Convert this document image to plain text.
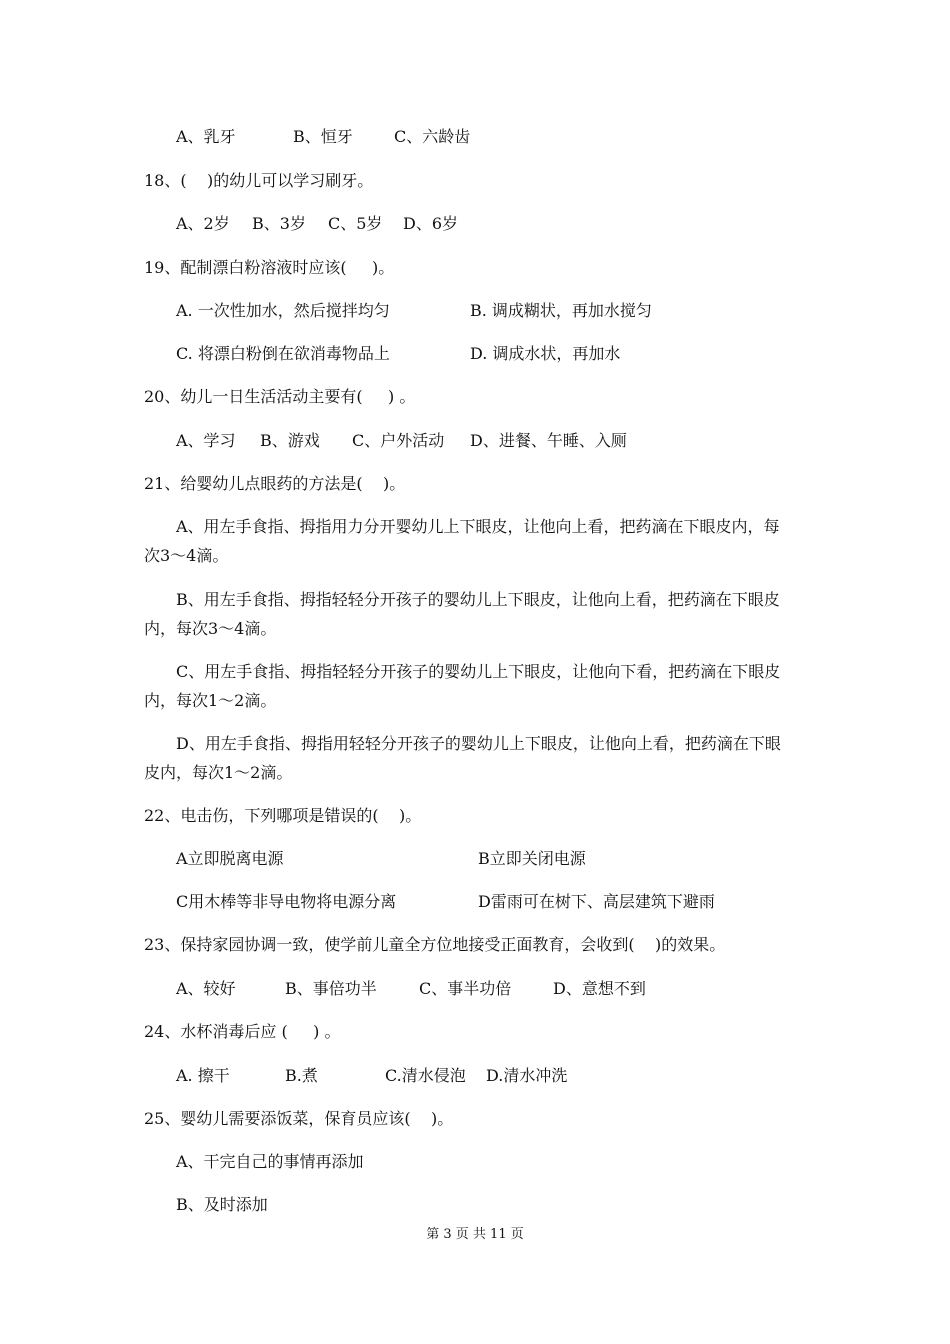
A、乳牙	B、恒牙	C、六龄齿
18、(    )的幼儿可以学习刷牙。
A、2岁 B、3岁 C、5岁 D、6岁
19、配制漂白粉溶液时应该(     )。
A. 一次性加水，然后搅拌均匀	B. 调成糊状，再加水搅匀
C. 将漂白粉倒在欲消毒物品上	D. 调成水状，再加水
20、幼儿一日生活活动主要有(     ) 。
A、学习 B、游戏 C、户外活动 D、进餐、午睡、入厕
21、给婴幼儿点眼药的方法是(    )。
A、用左手食指、拇指用力分开婴幼儿上下眼皮，让他向上看，把药滴在下眼皮内，每
次3～4滴。
B、用左手食指、拇指轻轻分开孩子的婴幼儿上下眼皮，让他向上看，把药滴在下眼皮
内，每次3～4滴。
C、用左手食指、拇指轻轻分开孩子的婴幼儿上下眼皮，让他向下看，把药滴在下眼皮
内，每次1～2滴。
D、用左手食指、拇指用轻轻分开孩子的婴幼儿上下眼皮，让他向上看，把药滴在下眼
皮内，每次1～2滴。
22、电击伤，下列哪项是错误的(    )。
A立即脱离电源	B立即关闭电源
C用木棒等非导电物将电源分离	D雷雨可在树下、高层建筑下避雨
23、保持家园协调一致，使学前儿童全方位地接受正面教育，会收到(    )的效果。
A、较好	B、事倍功半	C、事半功倍	D、意想不到
24、水杯消毒后应 (     ) 。
A. 擦干	B.煮	C.清水侵泡 D.清水冲洗
25、婴幼儿需要添饭菜，保育员应该(    )。
A、干完自己的事情再添加
B、及时添加
第 3 页 共 11 页
